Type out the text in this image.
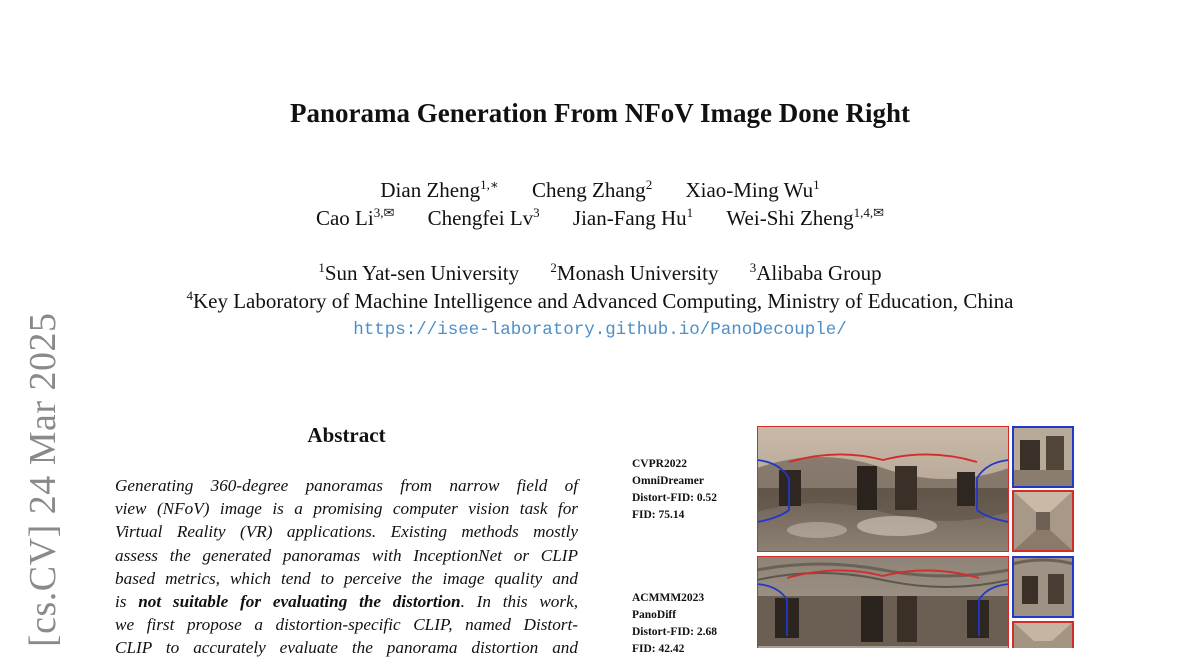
[cs.CV] 24 Mar 2025
Panorama Generation From NFoV Image Done Right
Dian Zheng$^{1,∗}$ Cheng Zhang$^2$ Xiao-Ming Wu$^1$
Cao $Li^{3,✉}$ Chengfei Lv$^3$ Jian-Fang Hu$^1$ Wei-Shi Zheng$^{1,4,✉}$
$^1$Sun Yat-sen University $^2$Monash University $^3$Alibaba Group
$^4$Key Laboratory of Machine Intelligence and Advanced Computing, Ministry of Education, China
https://isee-laboratory.github.io/PanoDecouple/
Abstract
Generating 360-degree panoramas from narrow field of
view (NFoV) image is a promising computer vision task for
Virtual Reality (VR) applications. Existing methods mostly
assess the generated panoramas with InceptionNet or CLIP
based metrics, which tend to perceive the image quality and
is not suitable for evaluating the distortion. In this work,
we first propose a distortion-specific CLIP, named Distort-
CLIP to accurately evaluate the panorama distortion and
CVPR2022
OmniDreamer
Distort-FID: 0.52
FID: 75.14
ACMMM2023
PanoDiff
Distort-FID: 2.68
FID: 42.42
